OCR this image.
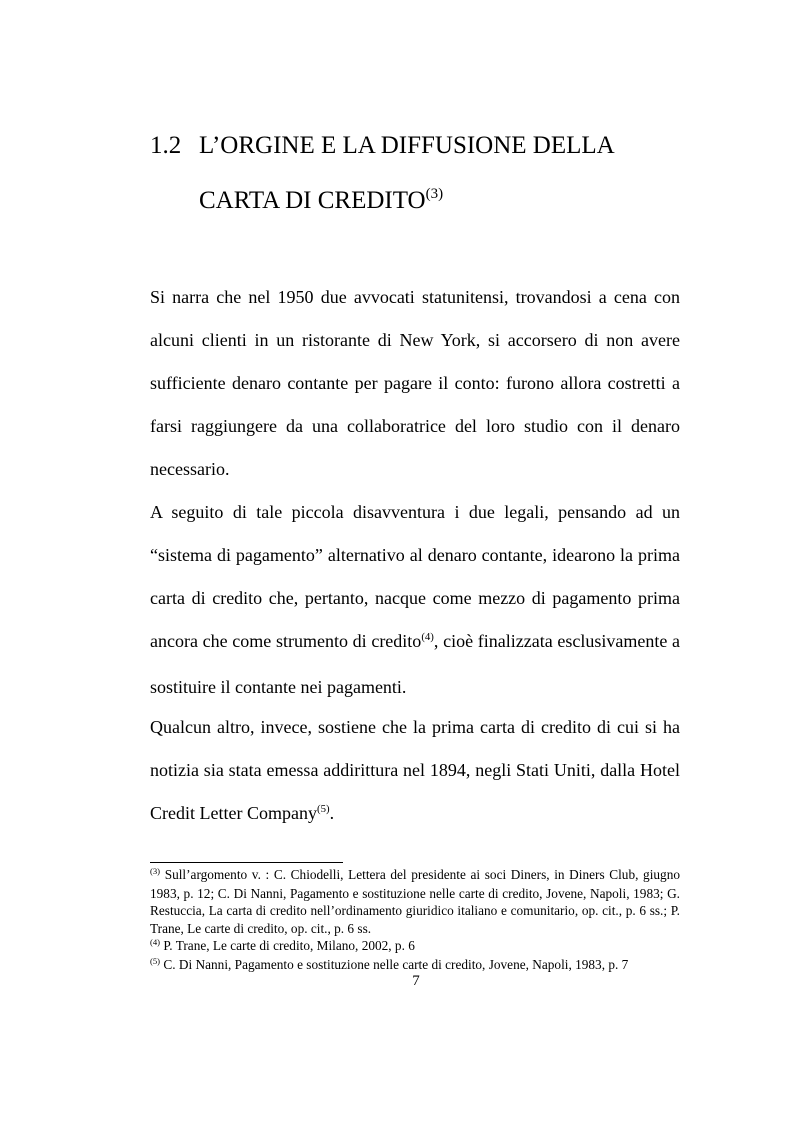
1.2 L’ORGINE E LA DIFFUSIONE DELLA
CARTA DI CREDITO$^{(3)}$

Si narra che nel 1950 due avvocati statunitensi, trovandosi a cena con alcuni clienti in un ristorante di New York, si accorsero di non avere sufficiente denaro contante per pagare il conto: furono allora costretti a farsi raggiungere da una collaboratrice del loro studio con il denaro necessario.

A seguito di tale piccola disavventura i due legali, pensando ad un “sistema di pagamento” alternativo al denaro contante, idearono la prima carta di credito che, pertanto, nacque come mezzo di pagamento prima ancora che come strumento di credito$^{(4)}$, cioè finalizzata esclusivamente a sostituire il contante nei pagamenti.

Qualcun altro, invece, sostiene che la prima carta di credito di cui si ha notizia sia stata emessa addirittura nel 1894, negli Stati Uniti, dalla Hotel Credit Letter Company$^{(5)}$.

$^{(3)}$ Sull’argomento v. : C. Chiodelli, Lettera del presidente ai soci Diners, in Diners Club, giugno 1983, p. 12; C. Di Nanni, Pagamento e sostituzione nelle carte di credito, Jovene, Napoli, 1983; G. Restuccia, La carta di credito nell’ordinamento giuridico italiano e comunitario, op. cit., p. 6 ss.; P. Trane, Le carte di credito, op. cit., p. 6 ss.

$^{(4)}$ P. Trane, Le carte di credito, Milano, 2002, p. 6

$^{(5)}$ C. Di Nanni, Pagamento e sostituzione nelle carte di credito, Jovene, Napoli, 1983, p. 7

7
